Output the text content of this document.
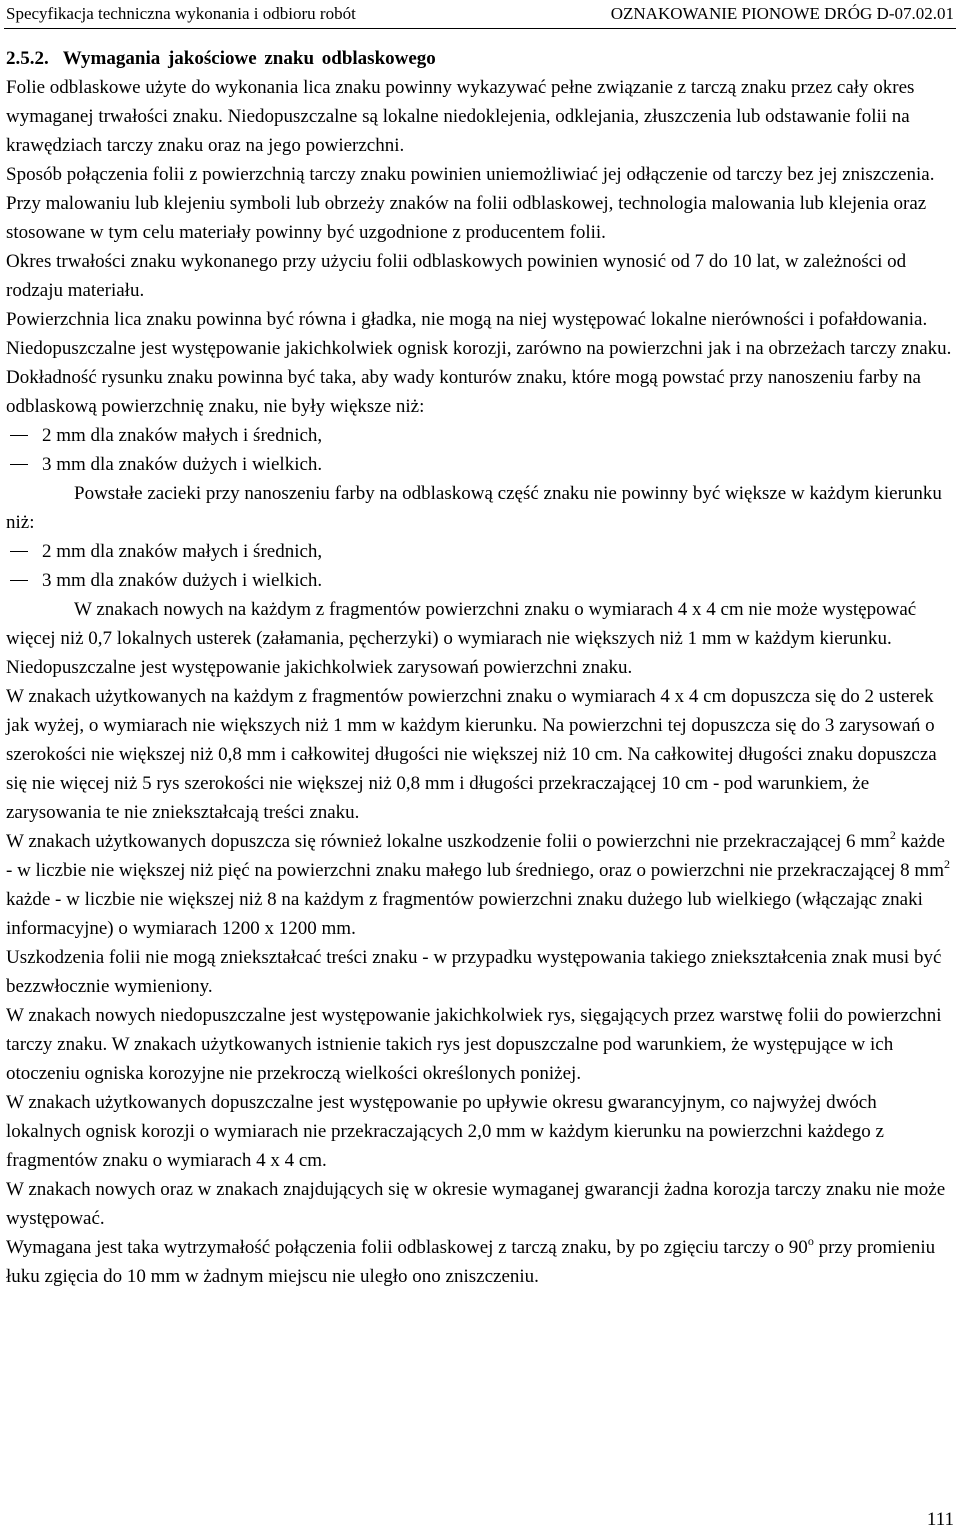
Specyfikacja techniczna wykonania i odbioru robót	OZNAKOWANIE PIONOWE DRÓG D-07.02.01

2.5.2. Wymagania jakościowe znaku odblaskowego

Folie odblaskowe użyte do wykonania lica znaku powinny wykazywać pełne związanie z tarczą znaku przez cały okres wymaganej trwałości znaku. Niedopuszczalne są lokalne niedoklejenia, odklejania, złuszczenia lub odstawanie folii na krawędziach tarczy znaku oraz na jego powierzchni.

Sposób połączenia folii z powierzchnią tarczy znaku powinien uniemożliwiać jej odłączenie od tarczy bez jej zniszczenia.

Przy malowaniu lub klejeniu symboli lub obrzeży znaków na folii odblaskowej, technologia malowania lub klejenia oraz stosowane w tym celu materiały powinny być uzgodnione z producentem folii.

Okres trwałości znaku wykonanego przy użyciu folii odblaskowych powinien wynosić od 7 do 10 lat, w zależności od rodzaju materiału.

Powierzchnia lica znaku powinna być równa i gładka, nie mogą na niej występować lokalne nierówności i pofałdowania. Niedopuszczalne jest występowanie jakichkolwiek ognisk korozji, zarówno na powierzchni jak i na obrzeżach tarczy znaku.

Dokładność rysunku znaku powinna być taka, aby wady konturów znaku, które mogą powstać przy nanoszeniu farby na odblaskową powierzchnię znaku, nie były większe niż:

2 mm dla znaków małych i średnich,
3 mm dla znaków dużych i wielkich.

Powstałe zacieki przy nanoszeniu farby na odblaskową część znaku nie powinny być większe w każdym kierunku niż:

2 mm dla znaków małych i średnich,
3 mm dla znaków dużych i wielkich.

W znakach nowych na każdym z fragmentów powierzchni znaku o wymiarach 4 x 4 cm nie może występować więcej niż 0,7 lokalnych usterek (załamania, pęcherzyki) o wymiarach nie większych niż 1 mm w każdym kierunku. Niedopuszczalne jest występowanie jakichkolwiek zarysowań powierzchni znaku.

W znakach użytkowanych na każdym z fragmentów powierzchni znaku o wymiarach 4 x 4 cm dopuszcza się do 2 usterek jak wyżej, o wymiarach nie większych niż 1 mm w każdym kierunku. Na powierzchni tej dopuszcza się do 3 zarysowań o szerokości nie większej niż 0,8 mm i całkowitej długości nie większej niż 10 cm. Na całkowitej długości znaku dopuszcza się nie więcej niż 5 rys szerokości nie większej niż 0,8 mm i długości przekraczającej 10 cm - pod warunkiem, że zarysowania te nie zniekształcają treści znaku.

W znakach użytkowanych dopuszcza się również lokalne uszkodzenie folii o powierzchni nie przekraczającej 6 $mm^2$ każde - w liczbie nie większej niż pięć na powierzchni znaku małego lub średniego, oraz o powierzchni nie przekraczającej 8 $mm^2$ każde - w liczbie nie większej niż 8 na każdym z fragmentów powierzchni znaku dużego lub wielkiego (włączając znaki informacyjne) o wymiarach 1200 x 1200 mm.

Uszkodzenia folii nie mogą zniekształcać treści znaku - w przypadku występowania takiego zniekształcenia znak musi być bezzwłocznie wymieniony.

W znakach nowych niedopuszczalne jest występowanie jakichkolwiek rys, sięgających przez warstwę folii do powierzchni tarczy znaku. W znakach użytkowanych istnienie takich rys jest dopuszczalne pod warunkiem, że występujące w ich otoczeniu ogniska korozyjne nie przekroczą wielkości określonych poniżej.

W znakach użytkowanych dopuszczalne jest występowanie po upływie okresu gwarancyjnym, co najwyżej dwóch lokalnych ognisk korozji o wymiarach nie przekraczających 2,0 mm w każdym kierunku na powierzchni każdego z fragmentów znaku o wymiarach 4 x 4 cm.

W znakach nowych oraz w znakach znajdujących się w okresie wymaganej gwarancji żadna korozja tarczy znaku nie może występować.

Wymagana jest taka wytrzymałość połączenia folii odblaskowej z tarczą znaku, by po zgięciu tarczy o 90$^o$ przy promieniu łuku zgięcia do 10 mm w żadnym miejscu nie uległo ono zniszczeniu.

111
